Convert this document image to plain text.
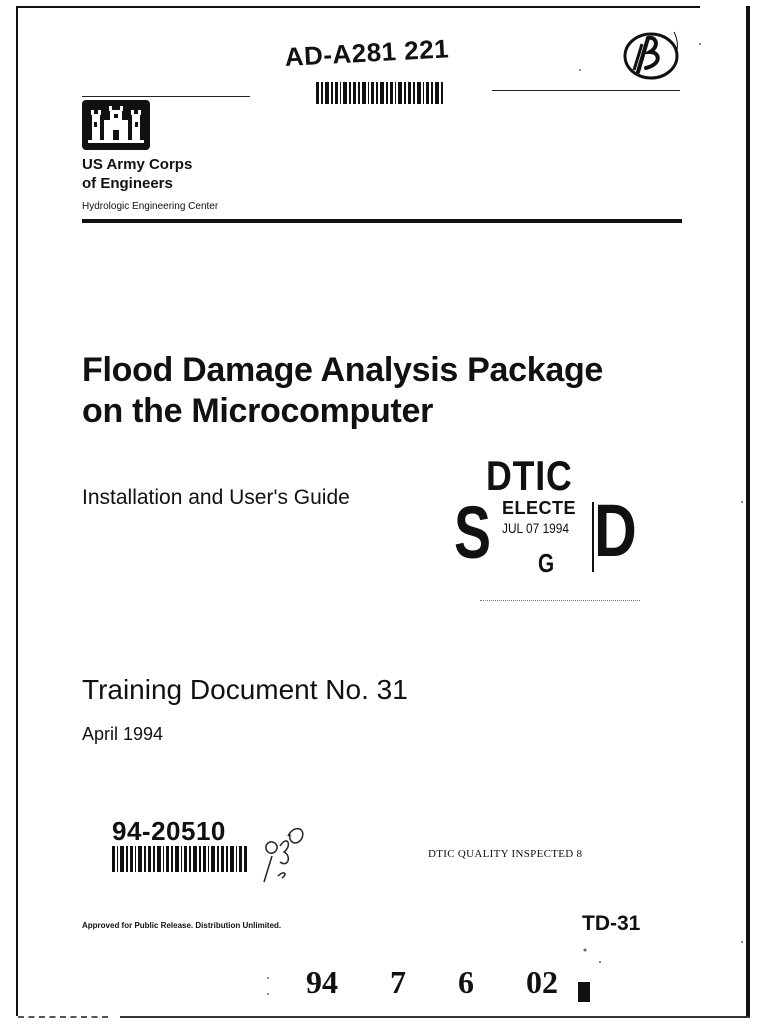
AD-A281 221
US Army Corps
of Engineers
Hydrologic Engineering Center
Flood Damage Analysis Package
on the Microcomputer
Installation and User's Guide	DTIC
S ELECTE
JUL 07 1994 D
G
Training Document No. 31
April 1994
94-20510
DTIC QUALITY INSPECTED 8
Approved for Public Release. Distribution Unlimited.	TD-31
94  7  6  02
